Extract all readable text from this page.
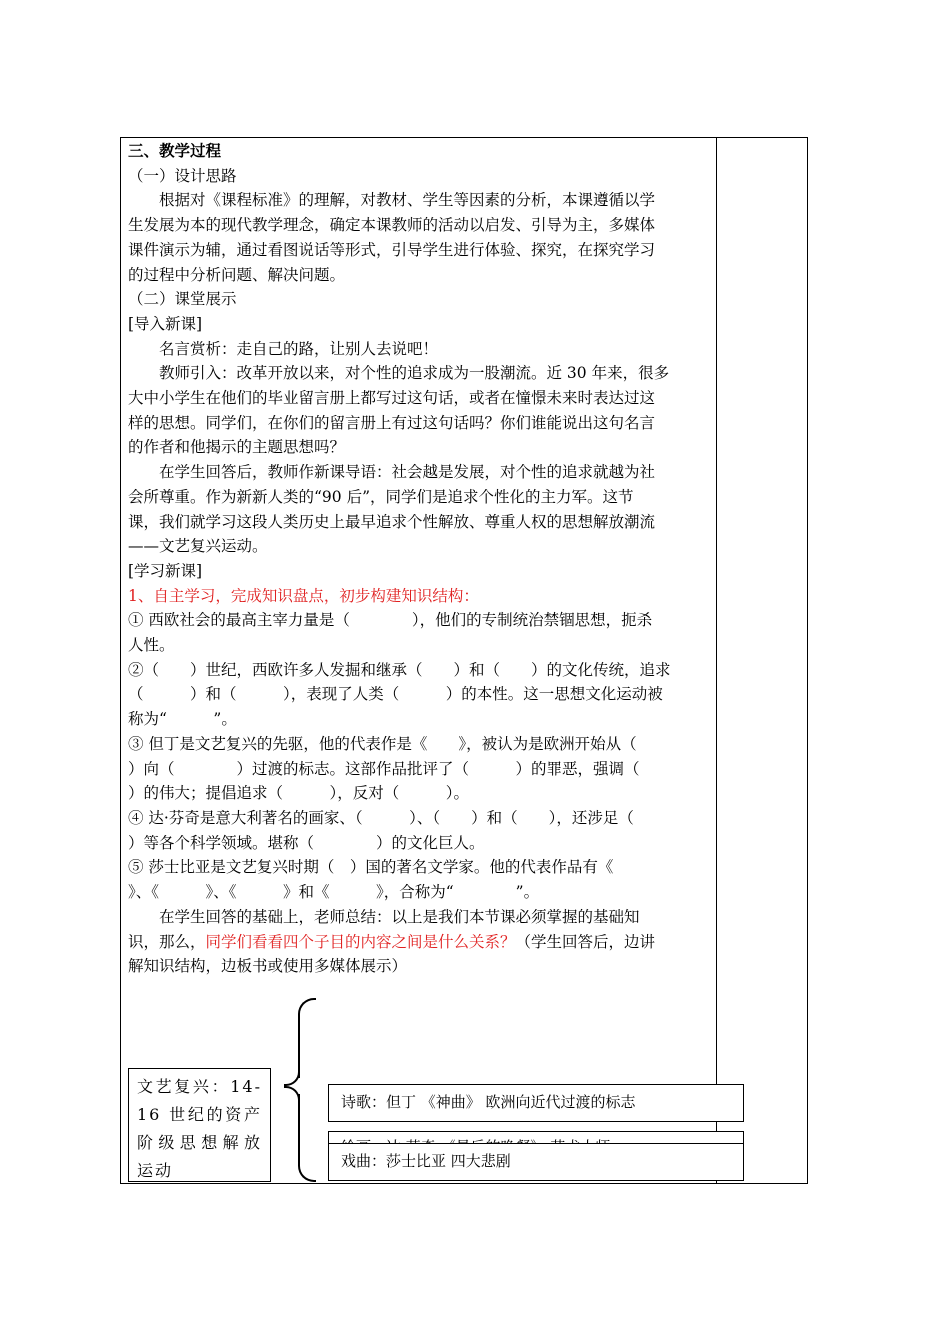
三、教学过程

（一）设计思路

根据对《课程标准》的理解，对教材、学生等因素的分析，本课遵循以学

生发展为本的现代教学理念，确定本课教师的活动以启发、引导为主，多媒体

课件演示为辅，通过看图说话等形式，引导学生进行体验、探究，在探究学习

的过程中分析问题、解决问题。

（二）课堂展示

[导入新课]

名言赏析：走自己的路，让别人去说吧！

教师引入：改革开放以来，对个性的追求成为一股潮流。近 30 年来，很多

大中小学生在他们的毕业留言册上都写过这句话，或者在憧憬未来时表达过这

样的思想。同学们，在你们的留言册上有过这句话吗？你们谁能说出这句名言

的作者和他揭示的主题思想吗？

在学生回答后，教师作新课导语：社会越是发展，对个性的追求就越为社

会所尊重。作为新新人类的“90 后”，同学们是追求个性化的主力军。这节

课，我们就学习这段人类历史上最早追求个性解放、尊重人权的思想解放潮流

——文艺复兴运动。

[学习新课]

1、自主学习，完成知识盘点，初步构建知识结构：

① 西欧社会的最高主宰力量是（　　　　），他们的专制统治禁锢思想，扼杀

人性。

②（　　）世纪，西欧许多人发掘和继承（　　）和（　　）的文化传统，追求

（　　　）和（　　　），表现了人类（　　　）的本性。这一思想文化运动被

称为“　　　”。

③ 但丁是文艺复兴的先驱，他的代表作是《　　》，被认为是欧洲开始从（

）向（　　　　）过渡的标志。这部作品批评了（　　　）的罪恶，强调（

）的伟大；提倡追求（　　　），反对（　　　）。

④ 达·芬奇是意大利著名的画家、（　　　）、（　　）和（　　），还涉足（

）等各个科学领域。堪称（　　　　）的文化巨人。

⑤ 莎士比亚是文艺复兴时期（　）国的著名文学家。他的代表作品有《

》、《　　　》、《　　　》和《　　　》，合称为“　　　　”。

在学生回答的基础上，老师总结：以上是我们本节课必须掌握的基础知

识，那么，同学们看看四个子目的内容之间是什么关系？（学生回答后，边讲

解知识结构，边板书或使用多媒体展示）

文艺复兴：14-16 世纪的资产阶级思想解放运动
诗歌：但丁 《神曲》 欧洲向近代过渡的标志
戏曲：莎士比亚 四大悲剧
